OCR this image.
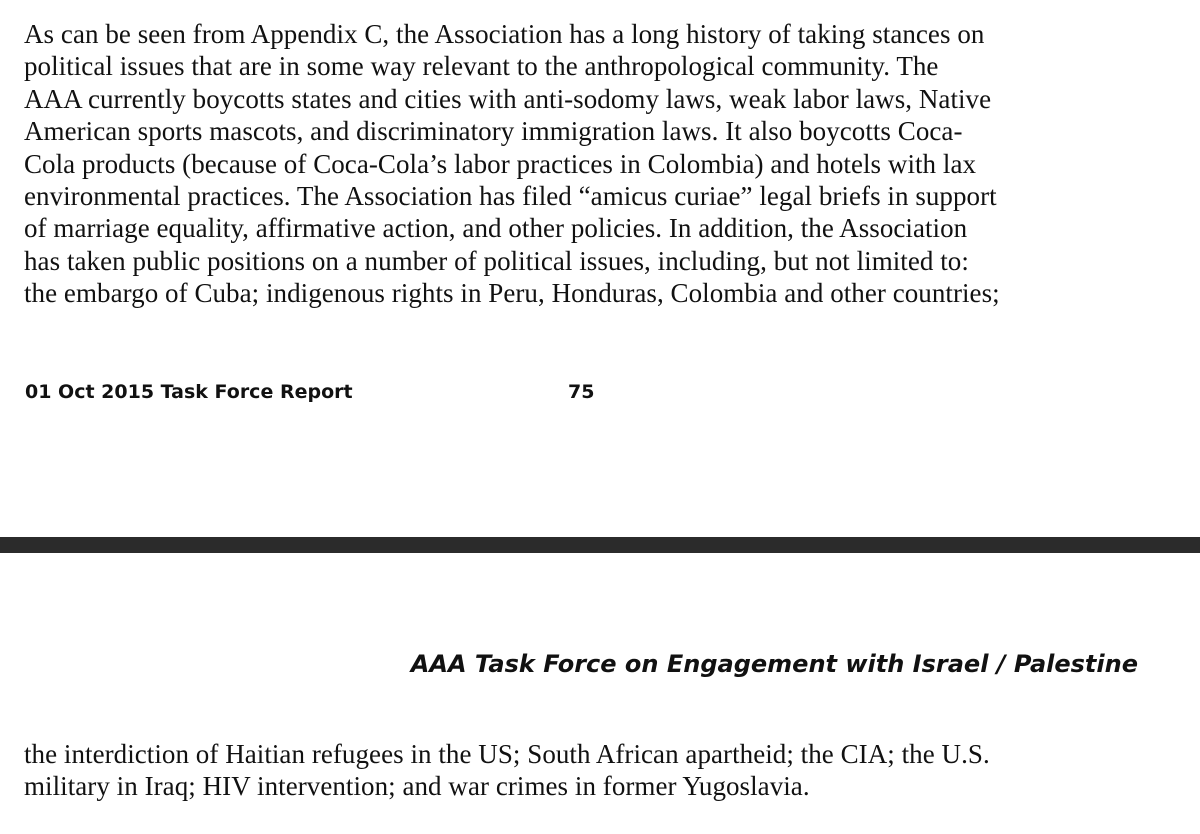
As can be seen from Appendix C, the Association has a long history of taking stances on
political issues that are in some way relevant to the anthropological community. The
AAA currently boycotts states and cities with anti-sodomy laws, weak labor laws, Native
American sports mascots, and discriminatory immigration laws. It also boycotts Coca-
Cola products (because of Coca-Cola’s labor practices in Colombia) and hotels with lax
environmental practices. The Association has filed “amicus curiae” legal briefs in support
of marriage equality, affirmative action, and other policies. In addition, the Association
has taken public positions on a number of political issues, including, but not limited to:
the embargo of Cuba; indigenous rights in Peru, Honduras, Colombia and other countries;
01 Oct 2015 Task Force Report	75
AAA Task Force on Engagement with Israel / Palestine
the interdiction of Haitian refugees in the US; South African apartheid; the CIA; the U.S.
military in Iraq; HIV intervention; and war crimes in former Yugoslavia.
